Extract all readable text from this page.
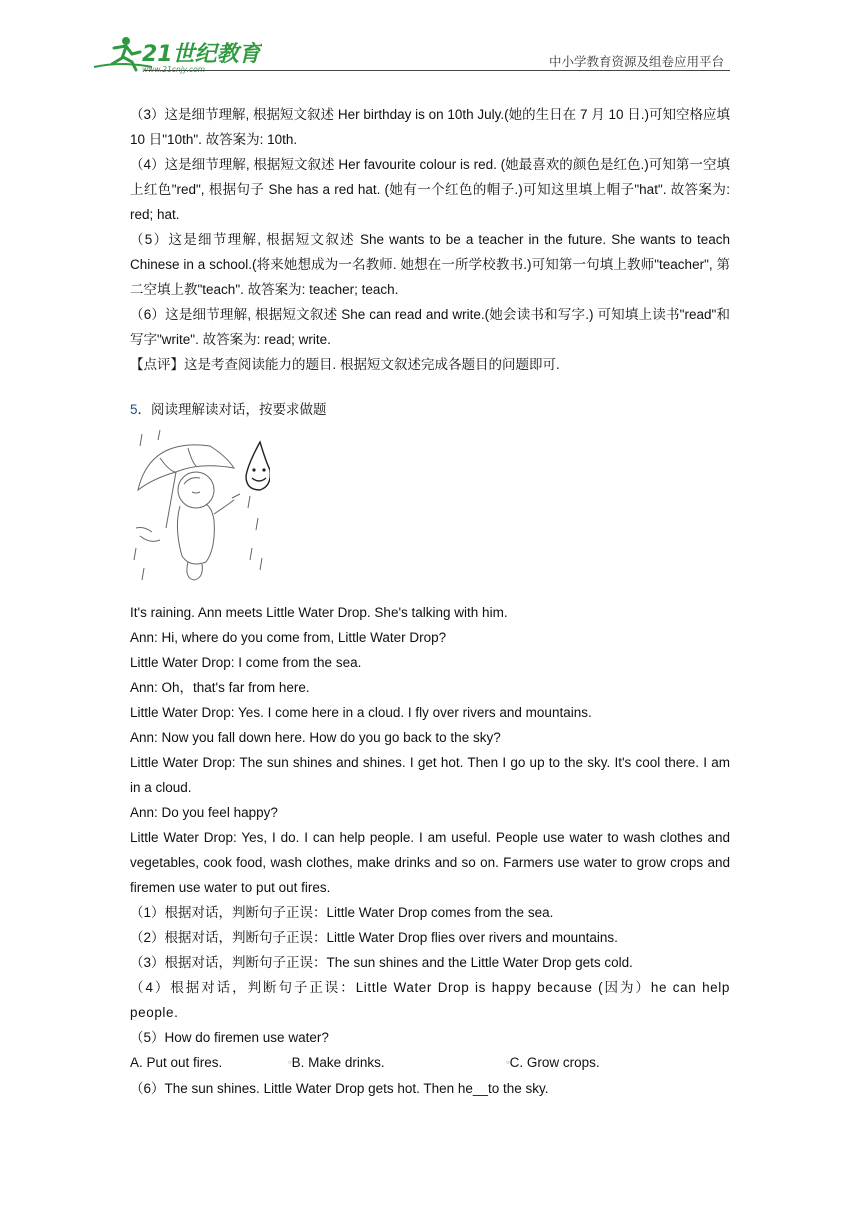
21世纪教育
www.21cnjy.com
中小学教育资源及组卷应用平台

（3）这是细节理解, 根据短文叙述 Her birthday is on 10th July.(她的生日在 7 月 10 日.)可知空格应填 10 日"10th". 故答案为: 10th.

（4）这是细节理解, 根据短文叙述 Her favourite colour is red. (她最喜欢的颜色是红色.)可知第一空填上红色"red", 根据句子 She has a red hat. (她有一个红色的帽子.)可知这里填上帽子"hat". 故答案为: red; hat.

（5）这是细节理解, 根据短文叙述 She wants to be a teacher in the future. She wants to teach Chinese in a school.(将来她想成为一名教师. 她想在一所学校教书.)可知第一句填上教师"teacher", 第二空填上教"teach". 故答案为: teacher; teach.

（6）这是细节理解, 根据短文叙述 She can read and write.(她会读书和写字.) 可知填上读书"read"和写字"write". 故答案为: read; write.

【点评】这是考查阅读能力的题目. 根据短文叙述完成各题目的问题即可.

5．阅读理解读对话，按要求做题

It's raining. Ann meets Little Water Drop. She's talking with him.

Ann: Hi, where do you come from, Little Water Drop?

Little Water Drop: I come from the sea.

Ann: Oh，that's far from here.

Little Water Drop: Yes. I come here in a cloud. I fly over rivers and mountains.

Ann: Now you fall down here. How do you go back to the sky?

Little Water Drop: The sun shines and shines. I get hot. Then I go up to the sky. It's cool there. I am in a cloud.

Ann: Do you feel happy?

Little Water Drop: Yes, I do. I can help people. I am useful. People use water to wash clothes and vegetables, cook food, wash clothes, make drinks and so on. Farmers use water to grow crops and firemen use water to put out fires.

（1）根据对话，判断句子正误：Little Water Drop comes from the sea.

（2）根据对话，判断句子正误：Little Water Drop flies over rivers and mountains.

（3）根据对话，判断句子正误：The sun shines and the Little Water Drop gets cold.

（4）根据对话，判断句子正误：Little Water Drop is happy because (因为）he can help people.

（5）How do firemen use water?

A. Put out fires.	○B. Make drinks.	○C. Grow crops.

（6）The sun shines. Little Water Drop gets hot. Then he__to the sky.
